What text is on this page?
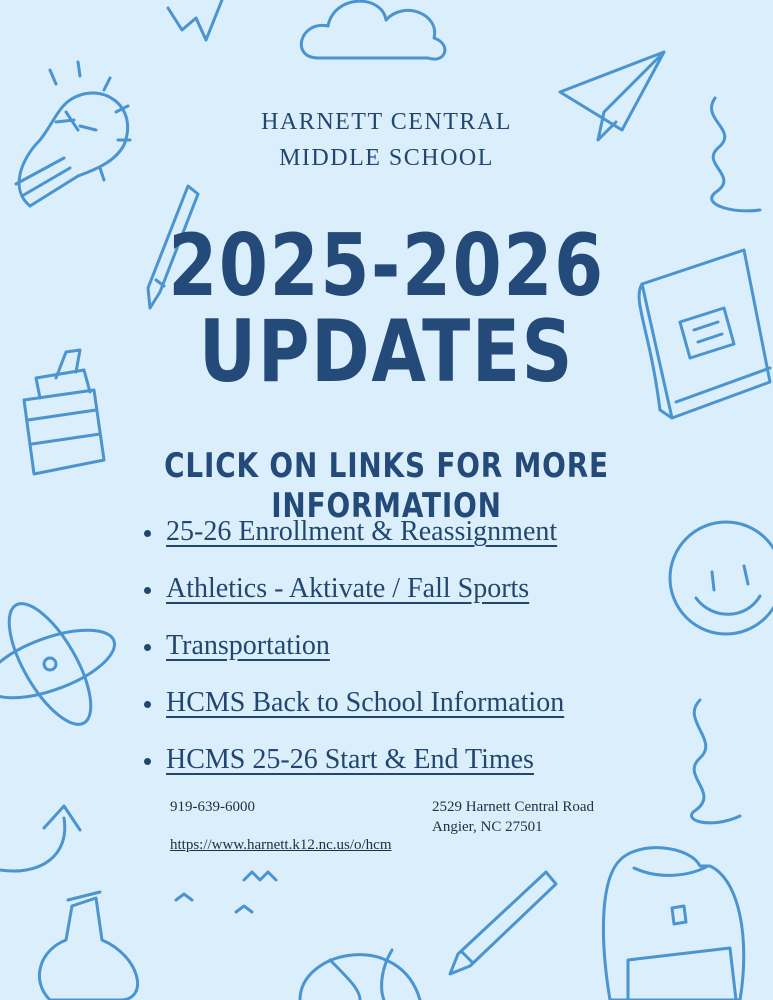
HARNETT CENTRAL
MIDDLE SCHOOL
2025-2026
UPDATES
CLICK ON LINKS FOR MORE INFORMATION
25-26 Enrollment & Reassignment
Athletics - Aktivate / Fall Sports
Transportation
HCMS Back to School Information
HCMS 25-26 Start & End Times
919-639-6000
https://www.harnett.k12.nc.us/o/hcm
2529 Harnett Central Road
Angier, NC 27501
